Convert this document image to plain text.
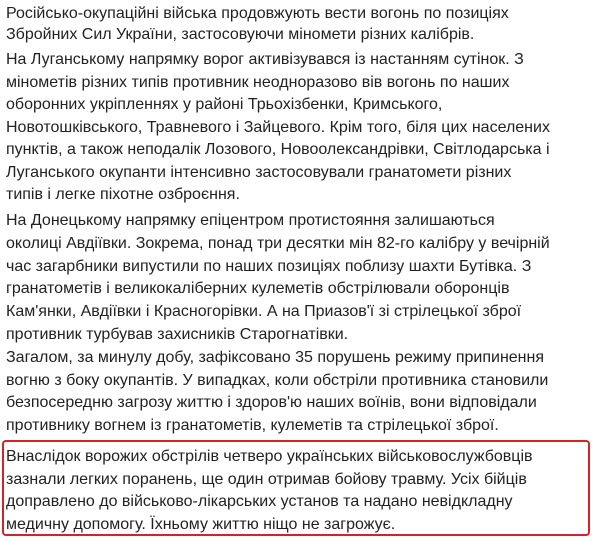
Російсько-окупаційні війська продовжують вести вогонь по позиціях
Збройних Сил України, застосовуючи міномети різних калібрів.
На Луганському напрямку ворог активізувався із настанням сутінок. З
мінометів різних типів противник неодноразово вів вогонь по наших
оборонних укріпленнях у районі Трьохізбенки, Кримського,
Новотошківського, Травневого і Зайцевого. Крім того, біля цих населених
пунктів, а також неподалік Лозового, Новоолександрівки, Світлодарська і
Луганського окупанти інтенсивно застосовували гранатомети різних
типів і легке піхотне озброєння.
На Донецькому напрямку епіцентром протистояння залишаються
околиці Авдіївки. Зокрема, понад три десятки мін 82-го калібру у вечірній
час загарбники випустили по наших позиціях поблизу шахти Бутівка. З
гранатометів і великокаліберних кулеметів обстрілювали оборонців
Кам'янки, Авдіївки і Красногорівки. А на Приазов'ї зі стрілецької зброї
противник турбував захисників Старогнатівки.
Загалом, за минулу добу, зафіксовано 35 порушень режиму припинення
вогню з боку окупантів. У випадках, коли обстріли противника становили
безпосередню загрозу життю і здоров'ю наших воїнів, вони відповідали
противнику вогнем із гранатометів, кулеметів та стрілецької зброї.
Внаслідок ворожих обстрілів четверо українських військовослужбовців
зазнали легких поранень, ще один отримав бойову травму. Усіх бійців
доправлено до військово-лікарських установ та надано невідкладну
медичну допомогу. Їхньому життю ніщо не загрожує.
